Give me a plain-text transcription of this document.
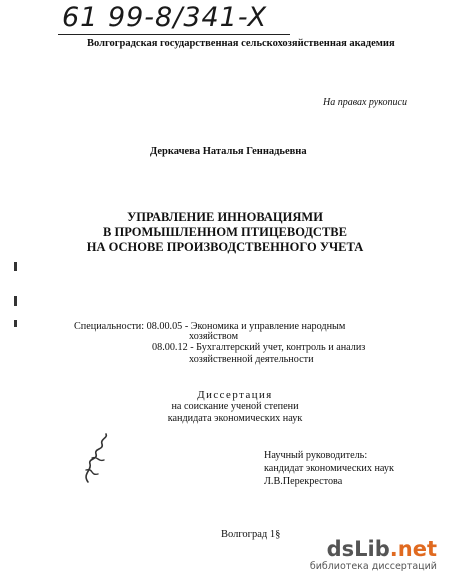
61 99-8/341-X
Волгоградская государственная сельскохозяйственная академия
На правах рукописи
Деркачева Наталья Геннадьевна
УПРАВЛЕНИЕ ИННОВАЦИЯМИ
В ПРОМЫШЛЕННОМ ПТИЦЕВОДСТВЕ
НА ОСНОВЕ ПРОИЗВОДСТВЕННОГО УЧЕТА
Специальности: 08.00.05 - Экономика и управление народным
хозяйством
08.00.12 - Бухгалтерский учет, контроль и анализ
хозяйственной деятельности
Диссертация
на соискание ученой степени
кандидата экономических наук
Научный руководитель:
кандидат экономических наук
Л.В.Перекрестова
Волгоград 1§
dsLib.net
библиотека диссертаций
